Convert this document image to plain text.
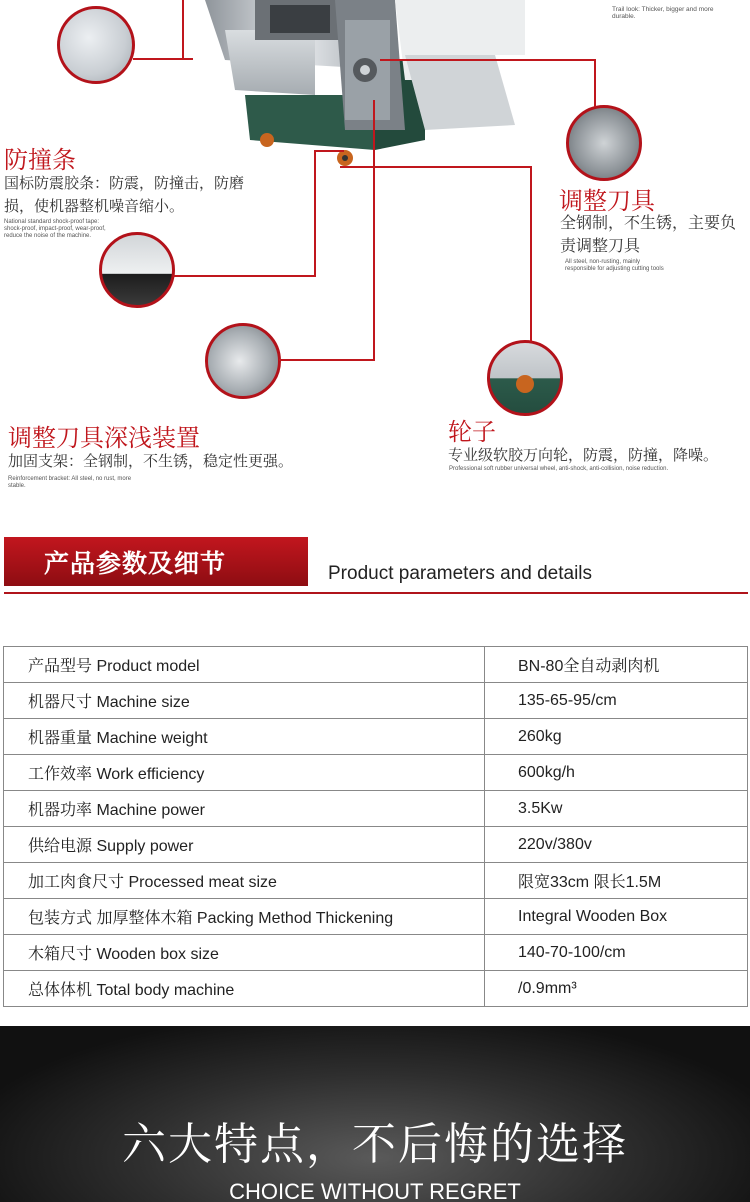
Trail look: Thicker, bigger and more durable.
防撞条
国标防震胶条：防震，防撞击，防磨损，使机器整机噪音缩小。
National standard shock-proof tape: shock-proof, impact-proof, wear-proof, reduce the noise of the machine.
调整刀具
全钢制，不生锈，主要负责调整刀具
All steel, non-rusting, mainly responsible for adjusting cutting tools
调整刀具深浅装置
加固支架：全钢制，不生锈，稳定性更强。
Reinforcement bracket: All steel, no rust, more stable.
轮子
专业级软胶万向轮，防震，防撞，降噪。
Professional soft rubber universal wheel, anti-shock, anti-collision, noise reduction.
产品参数及细节	Product parameters and details
产品型号 Product model	BN-80全自动剥肉机
机器尺寸 Machine size	135-65-95/cm
机器重量 Machine weight	260kg
工作效率 Work efficiency	600kg/h
机器功率 Machine power	3.5Kw
供给电源 Supply power	220v/380v
加工肉食尺寸 Processed meat size	限宽33cm 限长1.5M
包装方式 加厚整体木箱 Packing Method Thickening	Integral Wooden Box
木箱尺寸 Wooden box size	140-70-100/cm
总体体机 Total body machine	/0.9mm³
六大特点，不后悔的选择
CHOICE WITHOUT REGRET
